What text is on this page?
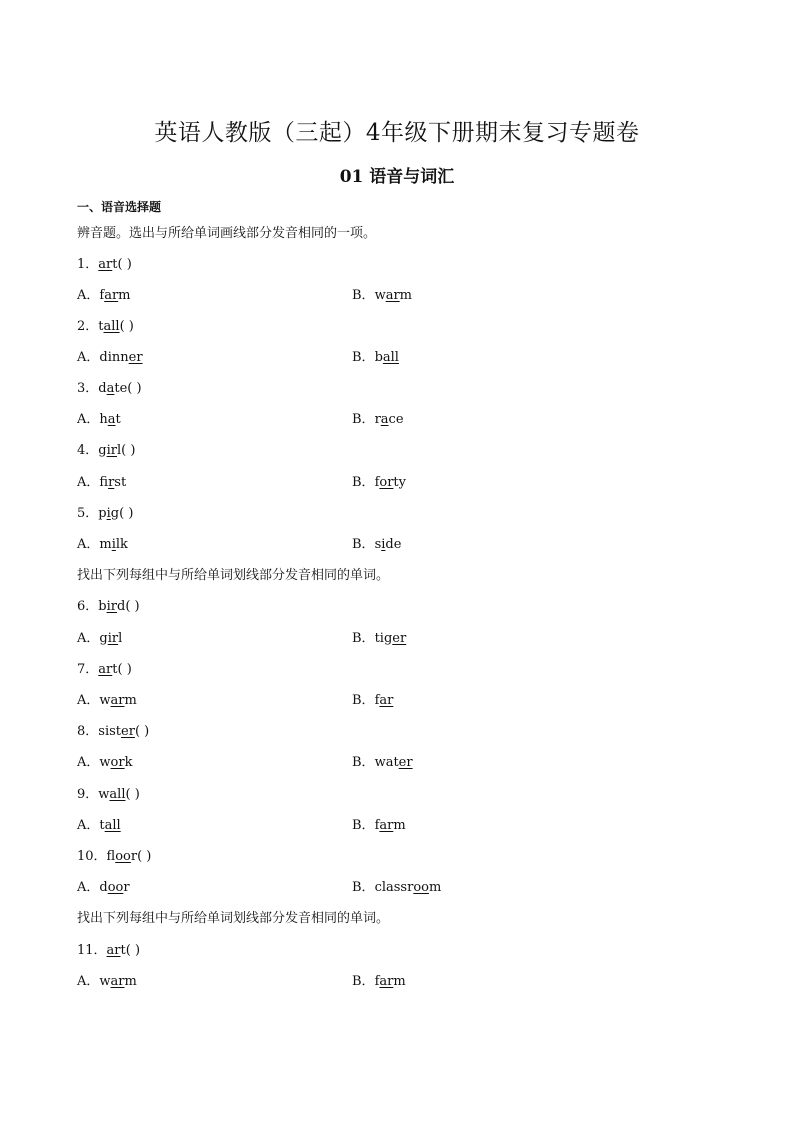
英语人教版（三起）4年级下册期末复习专题卷
01 语音与词汇
一、语音选择题
辨音题。选出与所给单词画线部分发音相同的一项。
1．art( )
A．farm	B．warm
2．tall( )
A．dinner	B．ball
3．date( )
A．hat	B．race
4．girl( )
A．first	B．forty
5．pig( )
A．milk	B．side
找出下列每组中与所给单词划线部分发音相同的单词。
6．bird( )
A．girl	B．tiger
7．art( )
A．warm	B．far
8．sister( )
A．work	B．water
9．wall( )
A．tall	B．farm
10．floor( )
A．door	B．classroom
找出下列每组中与所给单词划线部分发音相同的单词。
11．art( )
A．warm	B．farm
